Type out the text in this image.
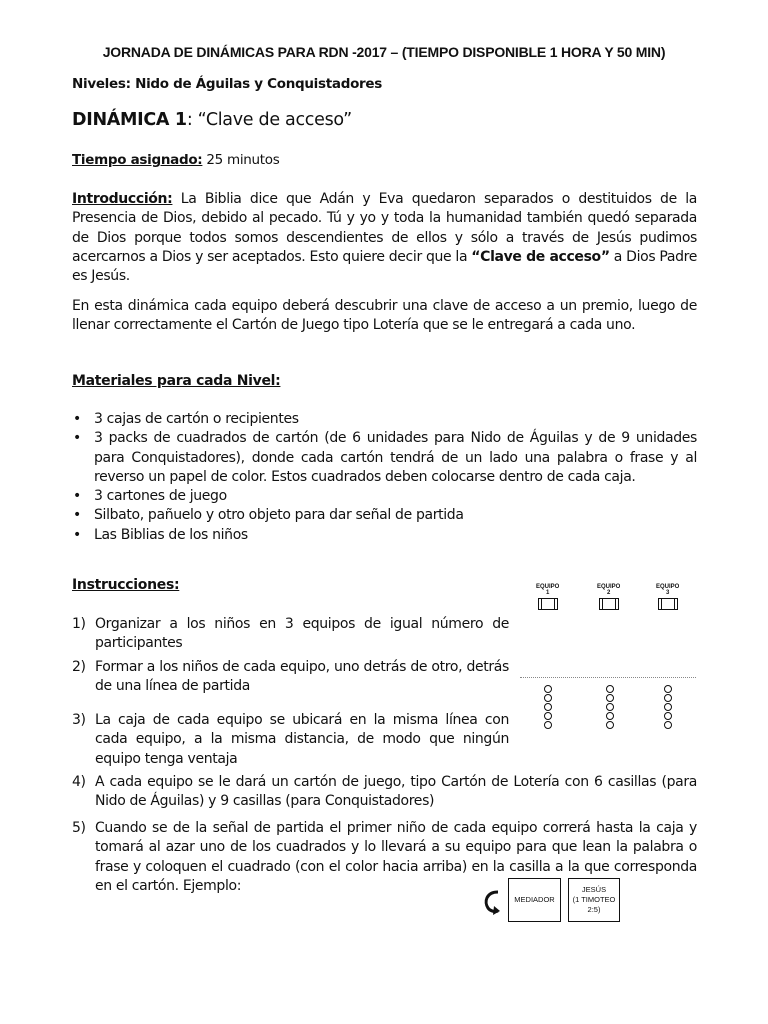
JORNADA DE DINÁMICAS PARA RDN -2017 – (TIEMPO DISPONIBLE 1 HORA Y 50 MIN)
Niveles: Nido de Águilas y Conquistadores
DINÁMICA 1: “Clave de acceso”
Tiempo asignado: 25 minutos
Introducción: La Biblia dice que Adán y Eva quedaron separados o destituidos de la Presencia de Dios, debido al pecado. Tú y yo y toda la humanidad también quedó separada de Dios porque todos somos descendientes de ellos y sólo a través de Jesús pudimos acercarnos a Dios y ser aceptados. Esto quiere decir que la “Clave de acceso” a Dios Padre es Jesús.
En esta dinámica cada equipo deberá descubrir una clave de acceso a un premio, luego de llenar correctamente el Cartón de Juego tipo Lotería que se le entregará a cada uno.
Materiales para cada Nivel:
• 3 cajas de cartón o recipientes
• 3 packs de cuadrados de cartón (de 6 unidades para Nido de Águilas y de 9 unidades para Conquistadores), donde cada cartón tendrá de un lado una palabra o frase y al reverso un papel de color. Estos cuadrados deben colocarse dentro de cada caja.
• 3 cartones de juego
• Silbato, pañuelo y otro objeto para dar señal de partida
• Las Biblias de los niños
Instrucciones:
1) Organizar a los niños en 3 equipos de igual número de participantes
2) Formar a los niños de cada equipo, uno detrás de otro, detrás de una línea de partida
3) La caja de cada equipo se ubicará en la misma línea con cada equipo, a la misma distancia, de modo que ningún equipo tenga ventaja
4) A cada equipo se le dará un cartón de juego, tipo Cartón de Lotería con 6 casillas (para Nido de Águilas) y 9 casillas (para Conquistadores)
5) Cuando se de la señal de partida el primer niño de cada equipo correrá hasta la caja y tomará al azar uno de los cuadrados y lo llevará a su equipo para que lean la palabra o frase y coloquen el cuadrado (con el color hacia arriba) en la casilla a la que corresponda en el cartón. Ejemplo:
EQUIPO
1
EQUIPO
2
EQUIPO
3
MEDIADOR
JESÚS
(1 TIMOTEO
2:5)
